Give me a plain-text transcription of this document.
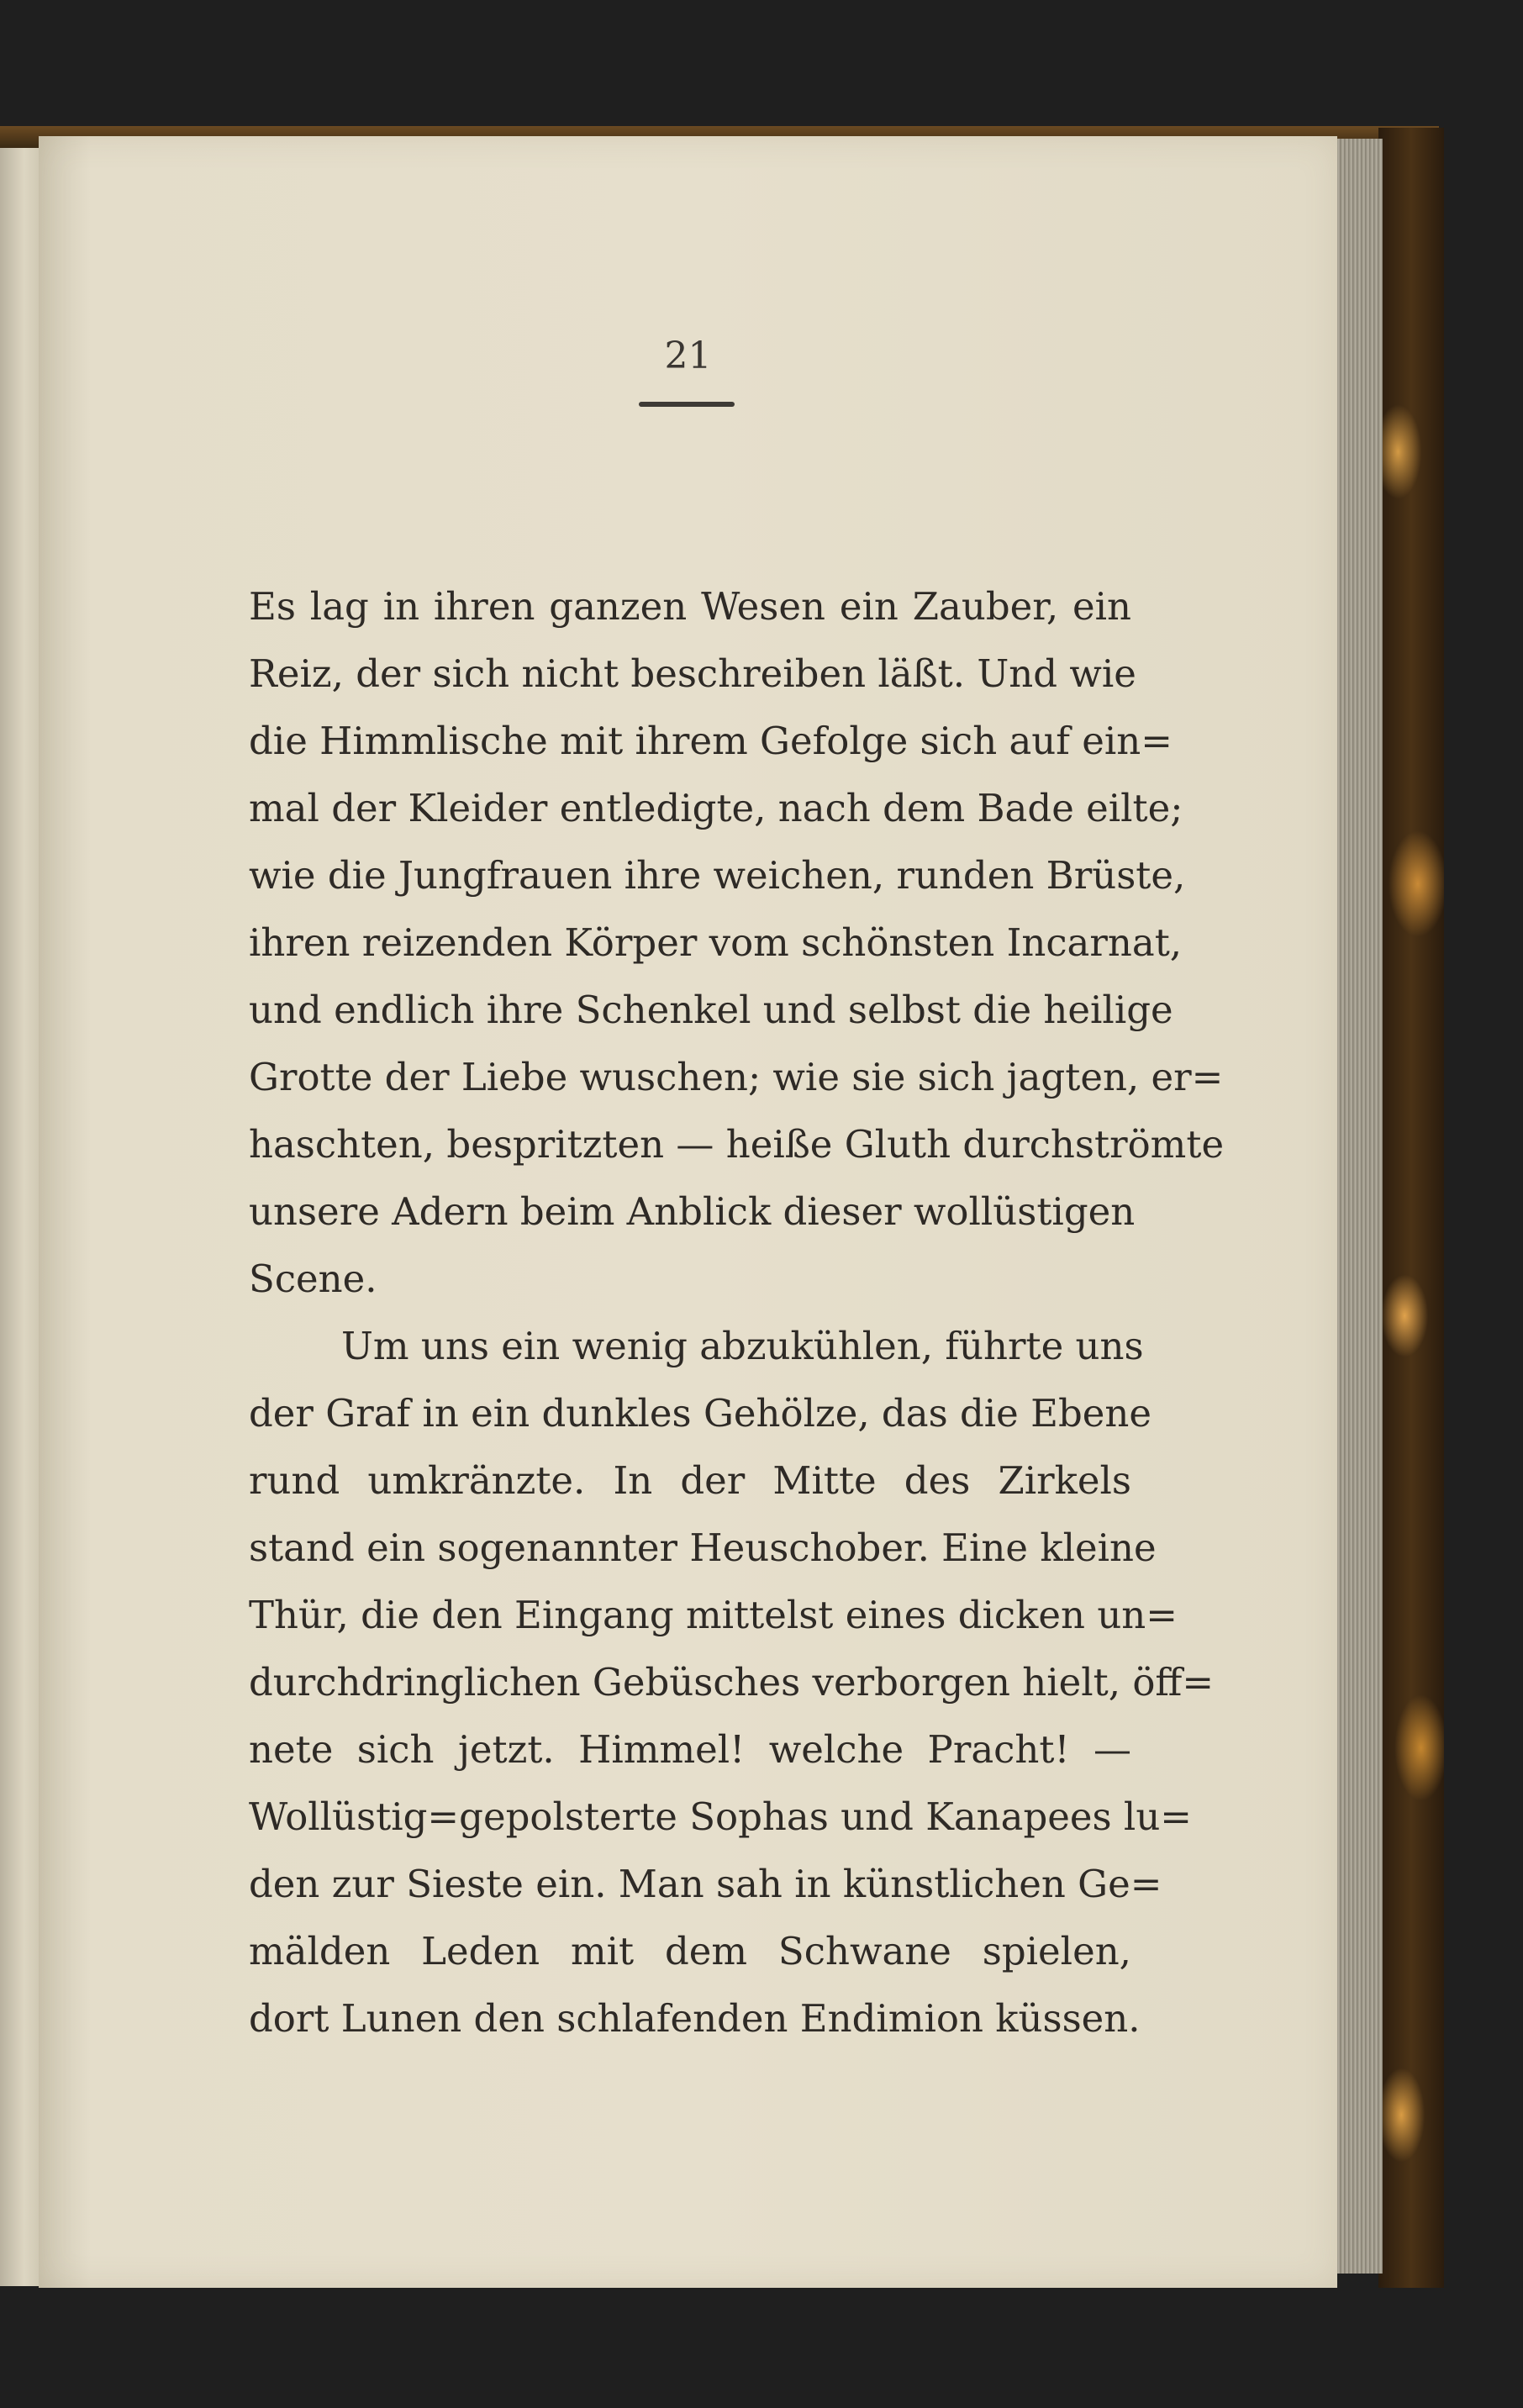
21
Es lag in ihren ganzen Wesen ein Zauber, ein
Reiz, der sich nicht beschreiben läßt. Und wie
die Himmlische mit ihrem Gefolge sich auf ein=
mal der Kleider entledigte, nach dem Bade eilte;
wie die Jungfrauen ihre weichen, runden Brüste,
ihren reizenden Körper vom schönsten Incarnat,
und endlich ihre Schenkel und selbst die heilige
Grotte der Liebe wuschen; wie sie sich jagten, er=
haschten, bespritzten — heiße Gluth durchströmte
unsere Adern beim Anblick dieser wollüstigen
Scene.
Um uns ein wenig abzukühlen, führte uns
der Graf in ein dunkles Gehölze, das die Ebene
rund umkränzte. In der Mitte des Zirkels
stand ein sogenannter Heuschober. Eine kleine
Thür, die den Eingang mittelst eines dicken un=
durchdringlichen Gebüsches verborgen hielt, öff=
nete sich jetzt. Himmel! welche Pracht! —
Wollüstig=gepolsterte Sophas und Kanapees lu=
den zur Sieste ein. Man sah in künstlichen Ge=
mälden Leden mit dem Schwane spielen,
dort Lunen den schlafenden Endimion küssen.
